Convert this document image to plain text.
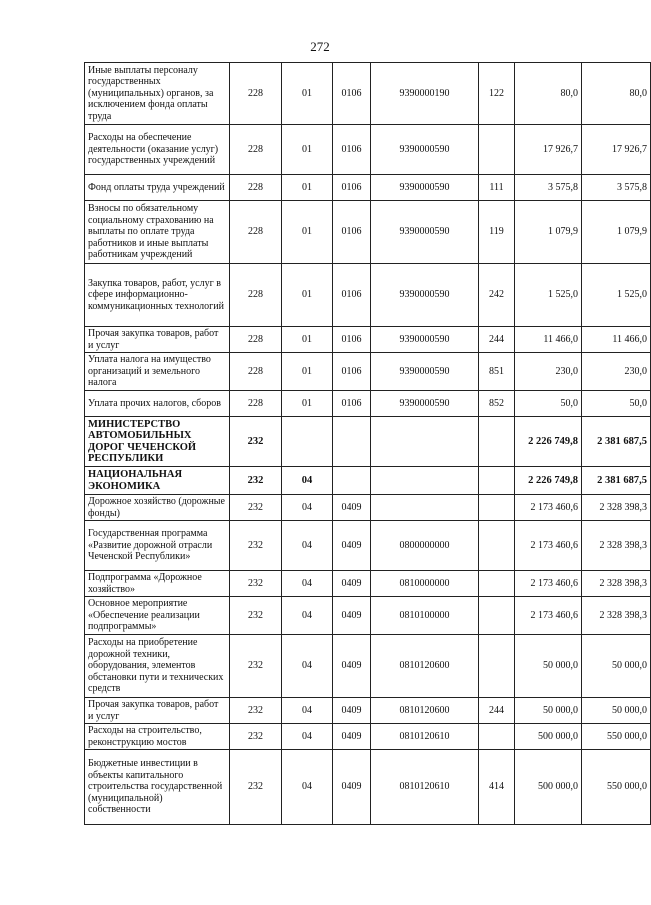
272
Иные выплаты персоналу государственных (муниципальных) органов, за исключением фонда оплаты труда	228	01	0106	9390000190	122	80,0	80,0
Расходы на обеспечение деятельности (оказание услуг) государственных учреждений	228	01	0106	9390000590		17 926,7	17 926,7
Фонд оплаты труда учреждений	228	01	0106	9390000590	111	3 575,8	3 575,8
Взносы по обязательному социальному страхованию на выплаты по оплате труда работников и иные выплаты работникам учреждений	228	01	0106	9390000590	119	1 079,9	1 079,9
Закупка товаров, работ, услуг в сфере информационно-коммуникационных технологий	228	01	0106	9390000590	242	1 525,0	1 525,0
Прочая закупка товаров, работ и услуг	228	01	0106	9390000590	244	11 466,0	11 466,0
Уплата налога на имущество организаций и земельного налога	228	01	0106	9390000590	851	230,0	230,0
Уплата прочих налогов, сборов	228	01	0106	9390000590	852	50,0	50,0
МИНИСТЕРСТВО АВТОМОБИЛЬНЫХ ДОРОГ ЧЕЧЕНСКОЙ РЕСПУБЛИКИ	232					2 226 749,8	2 381 687,5
НАЦИОНАЛЬНАЯ ЭКОНОМИКА	232	04				2 226 749,8	2 381 687,5
Дорожное хозяйство (дорожные фонды)	232	04	0409			2 173 460,6	2 328 398,3
Государственная программа «Развитие дорожной отрасли Чеченской Республики»	232	04	0409	0800000000		2 173 460,6	2 328 398,3
Подпрограмма «Дорожное хозяйство»	232	04	0409	0810000000		2 173 460,6	2 328 398,3
Основное мероприятие «Обеспечение реализации подпрограммы»	232	04	0409	0810100000		2 173 460,6	2 328 398,3
Расходы на приобретение дорожной техники, оборудования, элементов обстановки пути и технических средств	232	04	0409	0810120600		50 000,0	50 000,0
Прочая закупка товаров, работ и услуг	232	04	0409	0810120600	244	50 000,0	50 000,0
Расходы на строительство, реконструкцию мостов	232	04	0409	0810120610		500 000,0	550 000,0
Бюджетные инвестиции в объекты капитального строительства государственной (муниципальной) собственности	232	04	0409	0810120610	414	500 000,0	550 000,0
